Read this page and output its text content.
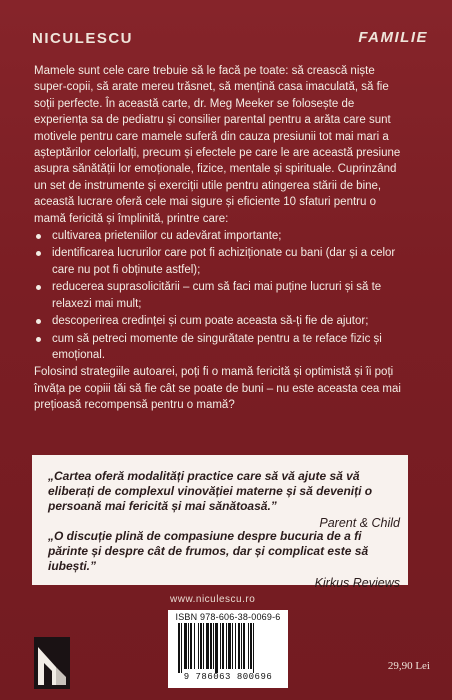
NICULESCU	FAMILIE

Mamele sunt cele care trebuie să le facă pe toate: să crească niște super-copii, să arate mereu trăsnet, să mențină casa imaculată, să fie soții perfecte. În această carte, dr. Meg Meeker se folosește de experiența sa de pediatru și consilier parental pentru a arăta care sunt motivele pentru care mamele suferă din cauza presiunii tot mai mari a așteptărilor celorlalți, precum și efectele pe care le are această presiune asupra sănătății lor emoționale, fizice, mentale și spirituale. Cuprinzând un set de instrumente și exerciții utile pentru atingerea stării de bine, această lucrare oferă cele mai sigure și eficiente 10 sfaturi pentru o mamă fericită și împlinită, printre care:

cultivarea prieteniilor cu adevărat importante;
identificarea lucrurilor care pot fi achiziționate cu bani (dar și a celor care nu pot fi obținute astfel);
reducerea suprasolicitării – cum să faci mai puține lucruri și să te relaxezi mai mult;
descoperirea credinței și cum poate aceasta să-ți fie de ajutor;
cum să petreci momente de singurătate pentru a te reface fizic și emoțional.

Folosind strategiile autoarei, poți fi o mamă fericită și optimistă și îi poți învăța pe copiii tăi să fie cât se poate de buni – nu este aceasta cea mai prețioasă recompensă pentru o mamă?

„Cartea oferă modalități practice care să vă ajute să vă eliberați de complexul vinovăției materne și să deveniți o persoană mai fericită și mai sănătoasă.”
Parent & Child
„O discuție plină de compasiune despre bucuria de a fi părinte și despre cât de frumos, dar și complicat este să iubești.”
Kirkus Reviews
www.niculescu.ro
ISBN 978-606-38-0069-6
9 786063 800696
29,90 Lei
